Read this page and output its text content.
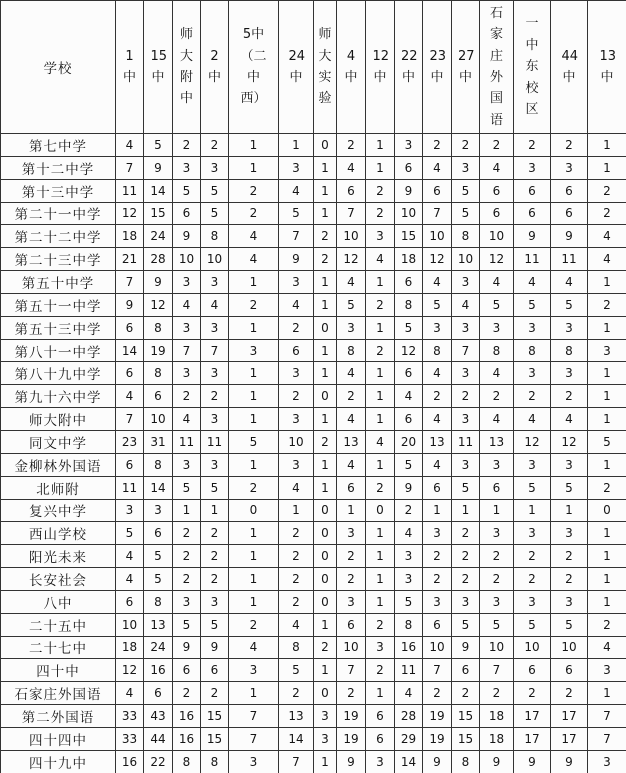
学校	1中	15中	师大附中	2中	5中（二中西）	24中	师大实验	4中	12中	22中	23中	27中	石家庄外国语	一中东校区	44中	13中
第七中学	4	5	2	2	1	1	0	2	1	3	2	2	2	2	2	1
第十二中学	7	9	3	3	1	3	1	4	1	6	4	3	4	3	3	1
第十三中学	11	14	5	5	2	4	1	6	2	9	6	5	6	6	6	2
第二十一中学	12	15	6	5	2	5	1	7	2	10	7	5	6	6	6	2
第二十二中学	18	24	9	8	4	7	2	10	3	15	10	8	10	9	9	4
第二十三中学	21	28	10	10	4	9	2	12	4	18	12	10	12	11	11	4
第五十中学	7	9	3	3	1	3	1	4	1	6	4	3	4	4	4	1
第五十一中学	9	12	4	4	2	4	1	5	2	8	5	4	5	5	5	2
第五十三中学	6	8	3	3	1	2	0	3	1	5	3	3	3	3	3	1
第八十一中学	14	19	7	7	3	6	1	8	2	12	8	7	8	8	8	3
第八十九中学	6	8	3	3	1	3	1	4	1	6	4	3	4	3	3	1
第九十六中学	4	6	2	2	1	2	0	2	1	4	2	2	2	2	2	1
师大附中	7	10	4	3	1	3	1	4	1	6	4	3	4	4	4	1
同文中学	23	31	11	11	5	10	2	13	4	20	13	11	13	12	12	5
金柳林外国语	6	8	3	3	1	3	1	4	1	5	4	3	3	3	3	1
北师附	11	14	5	5	2	4	1	6	2	9	6	5	6	5	5	2
复兴中学	3	3	1	1	0	1	0	1	0	2	1	1	1	1	1	0
西山学校	5	6	2	2	1	2	0	3	1	4	3	2	3	3	3	1
阳光未来	4	5	2	2	1	2	0	2	1	3	2	2	2	2	2	1
长安社会	4	5	2	2	1	2	0	2	1	3	2	2	2	2	2	1
八中	6	8	3	3	1	2	0	3	1	5	3	3	3	3	3	1
二十五中	10	13	5	5	2	4	1	6	2	8	6	5	5	5	5	2
二十七中	18	24	9	9	4	8	2	10	3	16	10	9	10	10	10	4
四十中	12	16	6	6	3	5	1	7	2	11	7	6	7	6	6	3
石家庄外国语	4	6	2	2	1	2	0	2	1	4	2	2	2	2	2	1
第二外国语	33	43	16	15	7	13	3	19	6	28	19	15	18	17	17	7
四十四中	33	44	16	15	7	14	3	19	6	29	19	15	18	17	17	7
四十九中	16	22	8	8	3	7	1	9	3	14	9	8	9	9	9	3
